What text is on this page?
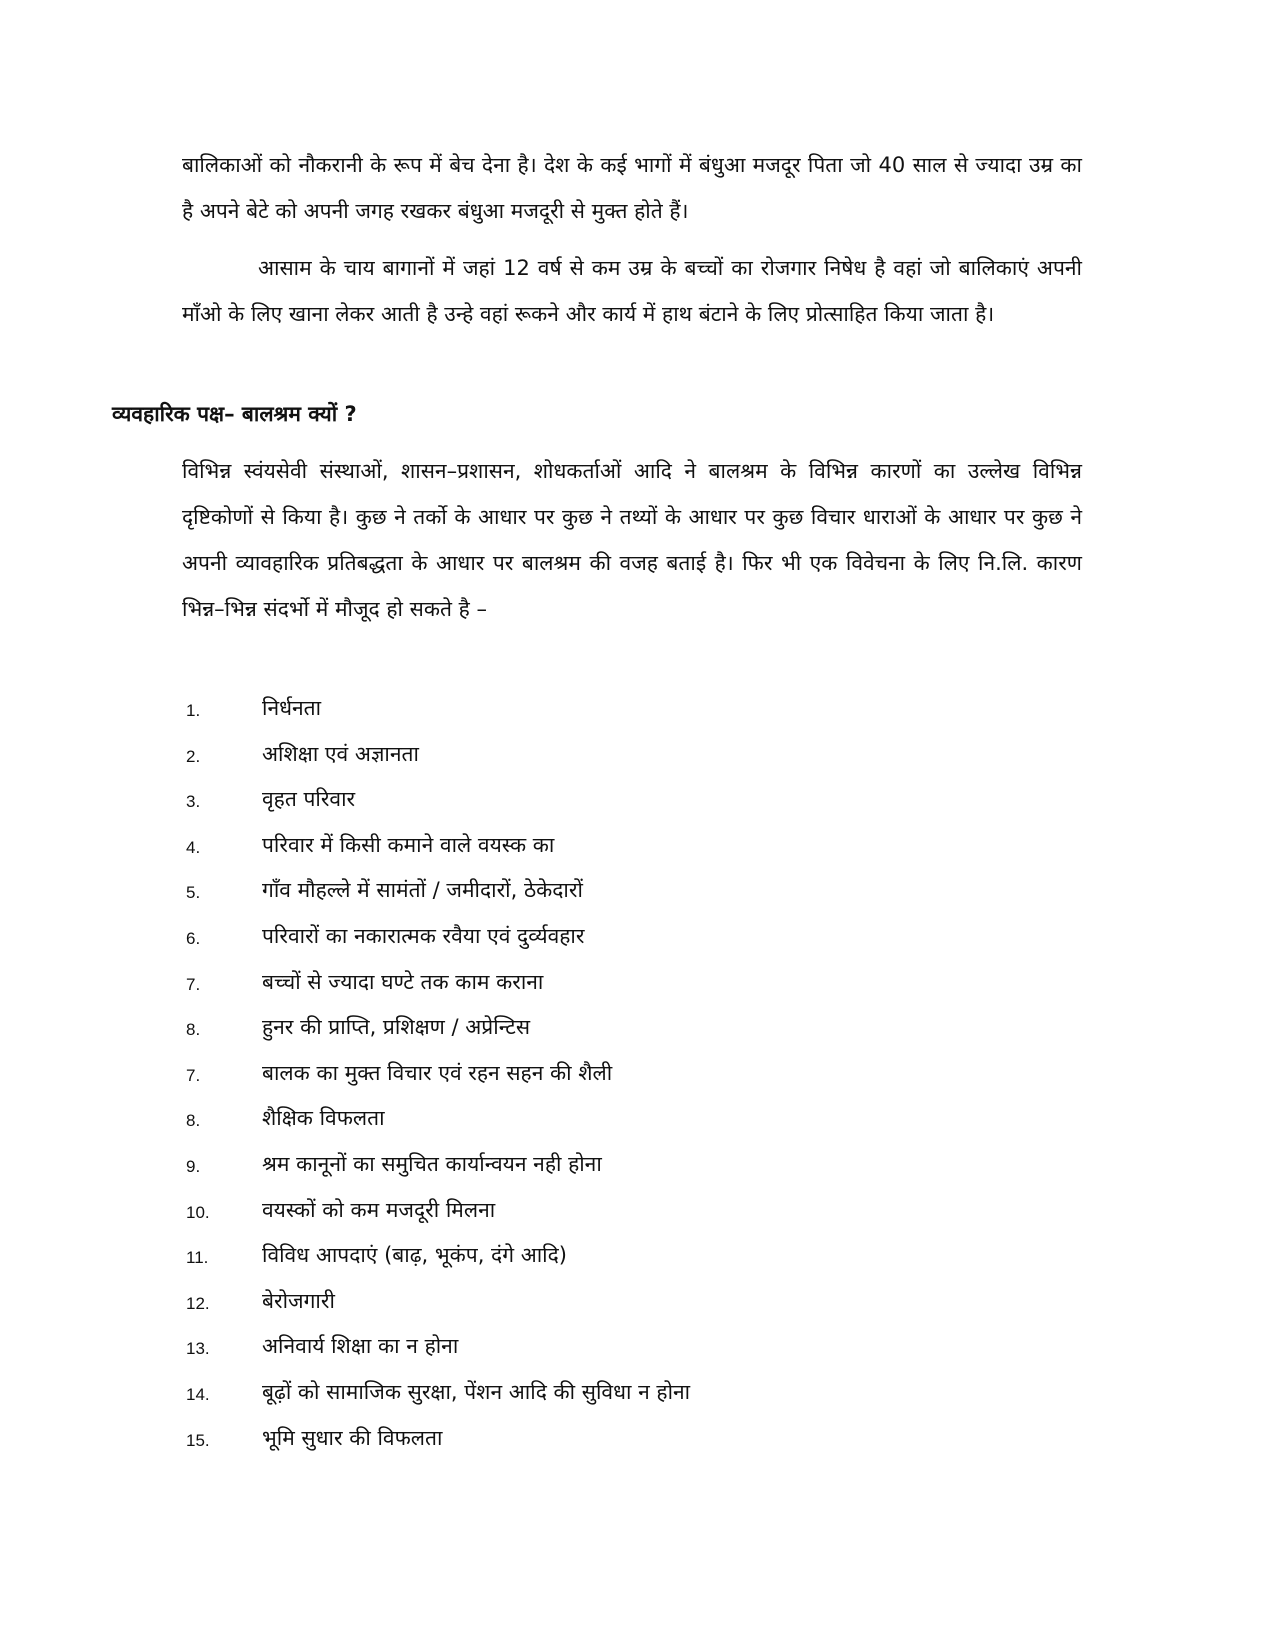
बालिकाओं को नौकरानी के रूप में बेच देना है। देश के कई भागों में बंधुआ मजदूर पिता जो 40 साल से ज्यादा उम्र का है अपने बेटे को अपनी जगह रखकर बंधुआ मजदूरी से मुक्त होते हैं।

आसाम के चाय बागानों में जहां 12 वर्ष से कम उम्र के बच्चों का रोजगार निषेध है वहां जो बालिकाएं अपनी माँओ के लिए खाना लेकर आती है उन्हे वहां रूकने और कार्य में हाथ बंटाने के लिए प्रोत्साहित किया जाता है।

व्यवहारिक पक्ष– बालश्रम क्यों ?

विभिन्न स्वंयसेवी संस्थाओं, शासन–प्रशासन, शोधकर्ताओं आदि ने बालश्रम के विभिन्न कारणों का उल्लेख विभिन्न दृष्टिकोणों से किया है। कुछ ने तर्को के आधार पर कुछ ने तथ्यों के आधार पर कुछ विचार धाराओं के आधार पर कुछ ने अपनी व्यावहारिक प्रतिबद्धता के आधार पर बालश्रम की वजह बताई है। फिर भी एक विवेचना के लिए नि.लि. कारण भिन्न–भिन्न संदर्भो में मौजूद हो सकते है –

1.	निर्धनता
2.	अशिक्षा एवं अज्ञानता
3.	वृहत परिवार
4.	परिवार में किसी कमाने वाले वयस्क का
5.	गाँव मौहल्ले में सामंतों / जमीदारों, ठेकेदारों
6.	परिवारों का नकारात्मक रवैया एवं दुर्व्यवहार
7.	बच्चों से ज्यादा घण्टे तक काम कराना
8.	हुनर की प्राप्ति, प्रशिक्षण / अप्रेन्टिस
7.	बालक का मुक्त विचार एवं रहन सहन की शैली
8.	शैक्षिक विफलता
9.	श्रम कानूनों का समुचित कार्यान्वयन नही होना
10. वयस्कों को कम मजदूरी मिलना
11.	विविध आपदाएं (बाढ़, भूकंप, दंगे आदि)
12. बेरोजगारी
13. अनिवार्य शिक्षा का न होना
14. बूढ़ों को सामाजिक सुरक्षा, पेंशन आदि की सुविधा न होना
15. भूमि सुधार की विफलता
